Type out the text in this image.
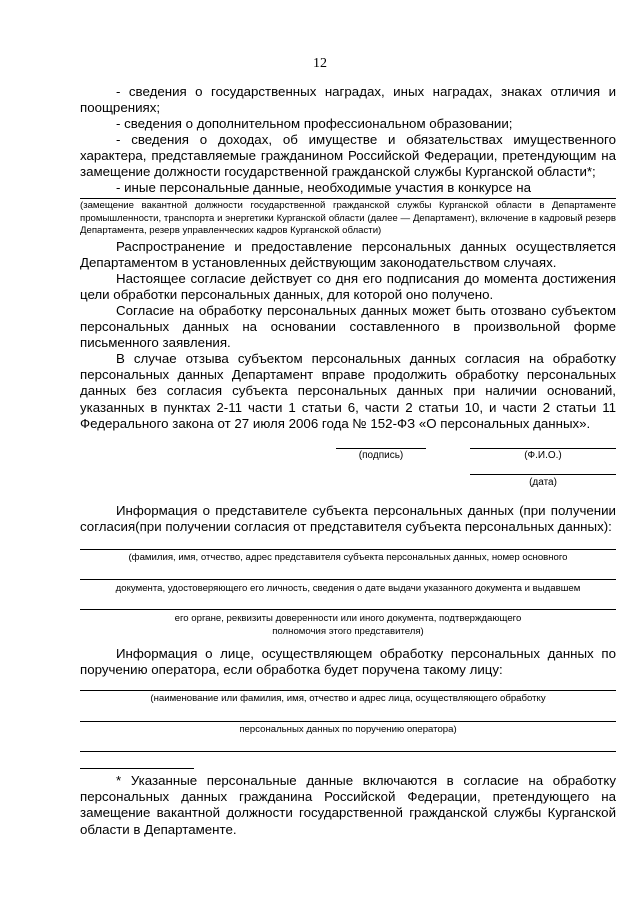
12

- сведения о государственных наградах, иных наградах, знаках отличия и поощрениях;

- сведения о дополнительном профессиональном образовании;

- сведения о доходах, об имуществе и обязательствах имущественного характера, представляемые гражданином Российской Федерации, претендующим на замещение должности государственной гражданской службы Курганской области*;

- иные персональные данные, необходимые участия в конкурсе на

(замещение вакантной должности государственной гражданской службы Курганской области в Департаменте промышленности, транспорта и энергетики Курганской области (далее — Департамент), включение в кадровый резерв Департамента, резерв управленческих кадров Курганской области)

Распространение и предоставление персональных данных осуществляется Департаментом в установленных действующим законодательством случаях.

Настоящее согласие действует со дня его подписания до момента достижения цели обработки персональных данных, для которой оно получено.

Согласие на обработку персональных данных может быть отозвано субъектом персональных данных на основании составленного в произвольной форме письменного заявления.

В случае отзыва субъектом персональных данных согласия на обработку персональных данных Департамент вправе продолжить обработку персональных данных без согласия субъекта персональных данных при наличии оснований, указанных в пунктах 2-11 части 1 статьи 6, части 2 статьи 10, и части 2 статьи 11 Федерального закона от 27 июля 2006 года № 152-ФЗ «О персональных данных».

(подпись)	(Ф.И.О.)
(дата)

Информация о представителе субъекта персональных данных (при получении согласия(при получении согласия от представителя субъекта персональных данных):

(фамилия, имя, отчество, адрес представителя субъекта персональных данных, номер основного

документа, удостоверяющего его личность, сведения о дате выдачи указанного документа и выдавшем

его органе, реквизиты доверенности или иного документа, подтверждающего полномочия этого представителя)

Информация о лице, осуществляющем обработку персональных данных по поручению оператора, если обработка будет поручена такому лицу:

(наименование или фамилия, имя, отчество и адрес лица, осуществляющего обработку

персональных данных по поручению оператора)

* Указанные персональные данные включаются в согласие на обработку персональных данных гражданина Российской Федерации, претендующего на замещение вакантной должности государственной гражданской службы Курганской области в Департаменте.
